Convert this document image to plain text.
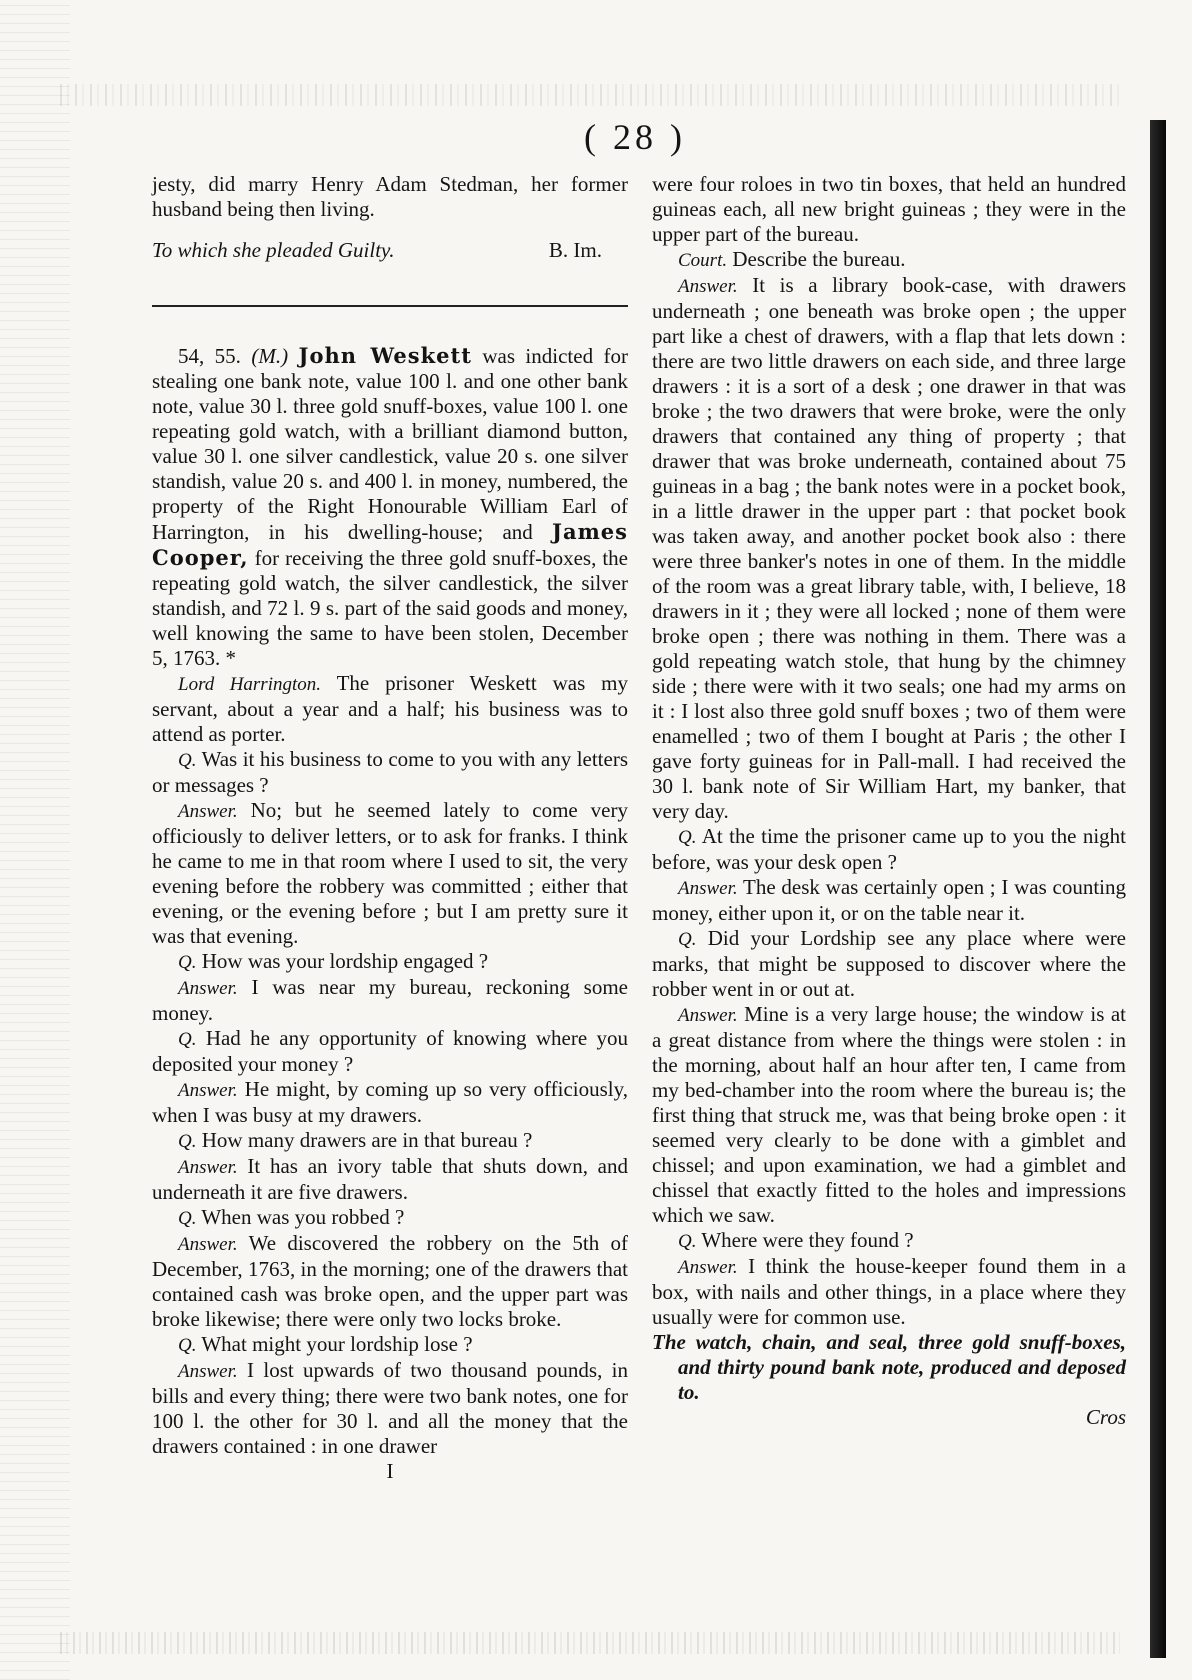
( 28 )

jesty, did marry Henry Adam Stedman, her former husband being then living.

To which she pleaded Guilty.	B. Im.

54, 55. (M.) John Weskett was indicted for stealing one bank note, value 100 l. and one other bank note, value 30 l. three gold snuff-boxes, value 100 l. one repeating gold watch, with a brilliant diamond button, value 30 l. one silver candlestick, value 20 s. one silver standish, value 20 s. and 400 l. in money, numbered, the property of the Right Honourable William Earl of Harrington, in his dwelling-house; and James Cooper, for receiving the three gold snuff-boxes, the repeating gold watch, the silver candlestick, the silver standish, and 72 l. 9 s. part of the said goods and money, well knowing the same to have been stolen, December 5, 1763. *

Lord Harrington. The prisoner Weskett was my servant, about a year and a half; his business was to attend as porter.

Q. Was it his business to come to you with any letters or messages ?

Answer. No; but he seemed lately to come very officiously to deliver letters, or to ask for franks. I think he came to me in that room where I used to sit, the very evening before the robbery was committed ; either that evening, or the evening before ; but I am pretty sure it was that evening.

Q. How was your lordship engaged ?

Answer. I was near my bureau, reckoning some money.

Q. Had he any opportunity of knowing where you deposited your money ?

Answer. He might, by coming up so very officiously, when I was busy at my drawers.

Q. How many drawers are in that bureau ?

Answer. It has an ivory table that shuts down, and underneath it are five drawers.

Q. When was you robbed ?

Answer. We discovered the robbery on the 5th of December, 1763, in the morning; one of the drawers that contained cash was broke open, and the upper part was broke likewise; there were only two locks broke.

Q. What might your lordship lose ?

Answer. I lost upwards of two thousand pounds, in bills and every thing; there were two bank notes, one for 100 l. the other for 30 l. and all the money that the drawers contained : in one drawer

I

were four roloes in two tin boxes, that held an hundred guineas each, all new bright guineas ; they were in the upper part of the bureau.

Court. Describe the bureau.

Answer. It is a library book-case, with drawers underneath ; one beneath was broke open ; the upper part like a chest of drawers, with a flap that lets down : there are two little drawers on each side, and three large drawers : it is a sort of a desk ; one drawer in that was broke ; the two drawers that were broke, were the only drawers that contained any thing of property ; that drawer that was broke underneath, contained about 75 guineas in a bag ; the bank notes were in a pocket book, in a little drawer in the upper part : that pocket book was taken away, and another pocket book also : there were three banker's notes in one of them. In the middle of the room was a great library table, with, I believe, 18 drawers in it ; they were all locked ; none of them were broke open ; there was nothing in them. There was a gold repeating watch stole, that hung by the chimney side ; there were with it two seals; one had my arms on it : I lost also three gold snuff boxes ; two of them were enamelled ; two of them I bought at Paris ; the other I gave forty guineas for in Pall-mall. I had received the 30 l. bank note of Sir William Hart, my banker, that very day.

Q. At the time the prisoner came up to you the night before, was your desk open ?

Answer. The desk was certainly open ; I was counting money, either upon it, or on the table near it.

Q. Did your Lordship see any place where were marks, that might be supposed to discover where the robber went in or out at.

Answer. Mine is a very large house; the window is at a great distance from where the things were stolen : in the morning, about half an hour after ten, I came from my bed-chamber into the room where the bureau is; the first thing that struck me, was that being broke open : it seemed very clearly to be done with a gimblet and chissel; and upon examination, we had a gimblet and chissel that exactly fitted to the holes and impressions which we saw.

Q. Where were they found ?

Answer. I think the house-keeper found them in a box, with nails and other things, in a place where they usually were for common use.

The watch, chain, and seal, three gold snuff-boxes, and thirty pound bank note, produced and deposed to.

Cros
